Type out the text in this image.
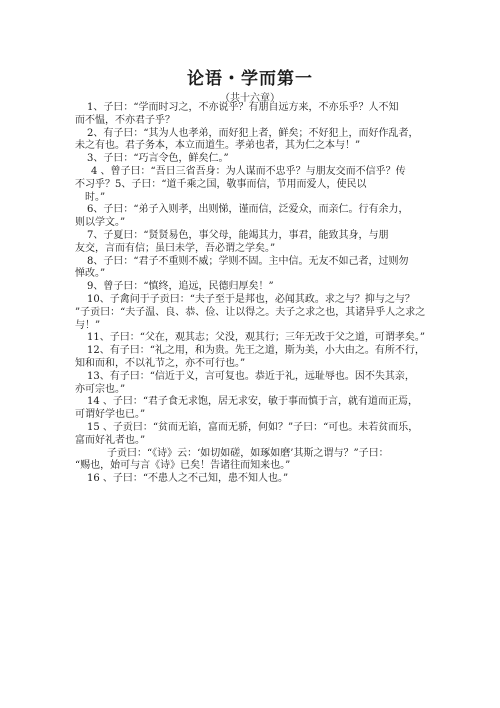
论语・学而第一
（共十六章）
1、子曰：“学而时习之，不亦说乎？有朋自远方来，不亦乐乎？人不知
而不愠，不亦君子乎？
2、有子曰：“其为人也孝弟，而好犯上者，鲜矣；不好犯上，而好作乱者，
未之有也。君子务本，本立而道生。孝弟也者，其为仁之本与！”
3、子曰：“巧言令色，鲜矣仁。”
4 、曾子曰：“吾日三省吾身：为人谋而不忠乎？与朋友交而不信乎？传
不习乎？5、子曰：“道千乘之国，敬事而信，节用而爱人，使民以
时。”
6、子曰：“弟子入则孝，出则悌，谨而信，泛爱众，而亲仁。行有余力，
则以学文。”
7、子夏曰：“贤贤易色，事父母，能竭其力，事君，能致其身，与朋
友交，言而有信；虽曰未学，吾必谓之学矣。”
8、子曰：“君子不重则不威；学则不固。主中信。无友不如己者，过则勿
惮改。”
9、曾子曰：“慎终，追远，民德归厚矣！”
10、子禽问于子贡曰：“夫子至于是邦也，必闻其政。求之与？抑与之与？
”子贡曰：“夫子温、良、恭、俭、让以得之。夫子之求之也，其诸异乎人之求之
与！”
11、子曰：“父在，观其志；父没，观其行；三年无改于父之道，可谓孝矣。”
12、有子曰：“礼之用，和为贵。先王之道，斯为美，小大由之。有所不行，
知和而和，不以礼节之，亦不可行也。”
13、有子曰：“信近于义，言可复也。恭近于礼，远耻辱也。因不失其亲，
亦可宗也。”
14 、子曰：“君子食无求饱，居无求安，敏于事而慎于言，就有道而正焉，
可谓好学也已。”
15 、子贡曰：“贫而无谄，富而无骄，何如？”子曰：“可也。未若贫而乐，
富而好礼者也。”
子贡曰：“《诗》云：‘如切如磋，如琢如磨’其斯之谓与？”子曰：
“赐也，始可与言《诗》已矣！告诸往而知来也。”
16 、子曰：“不患人之不己知，患不知人也。”
